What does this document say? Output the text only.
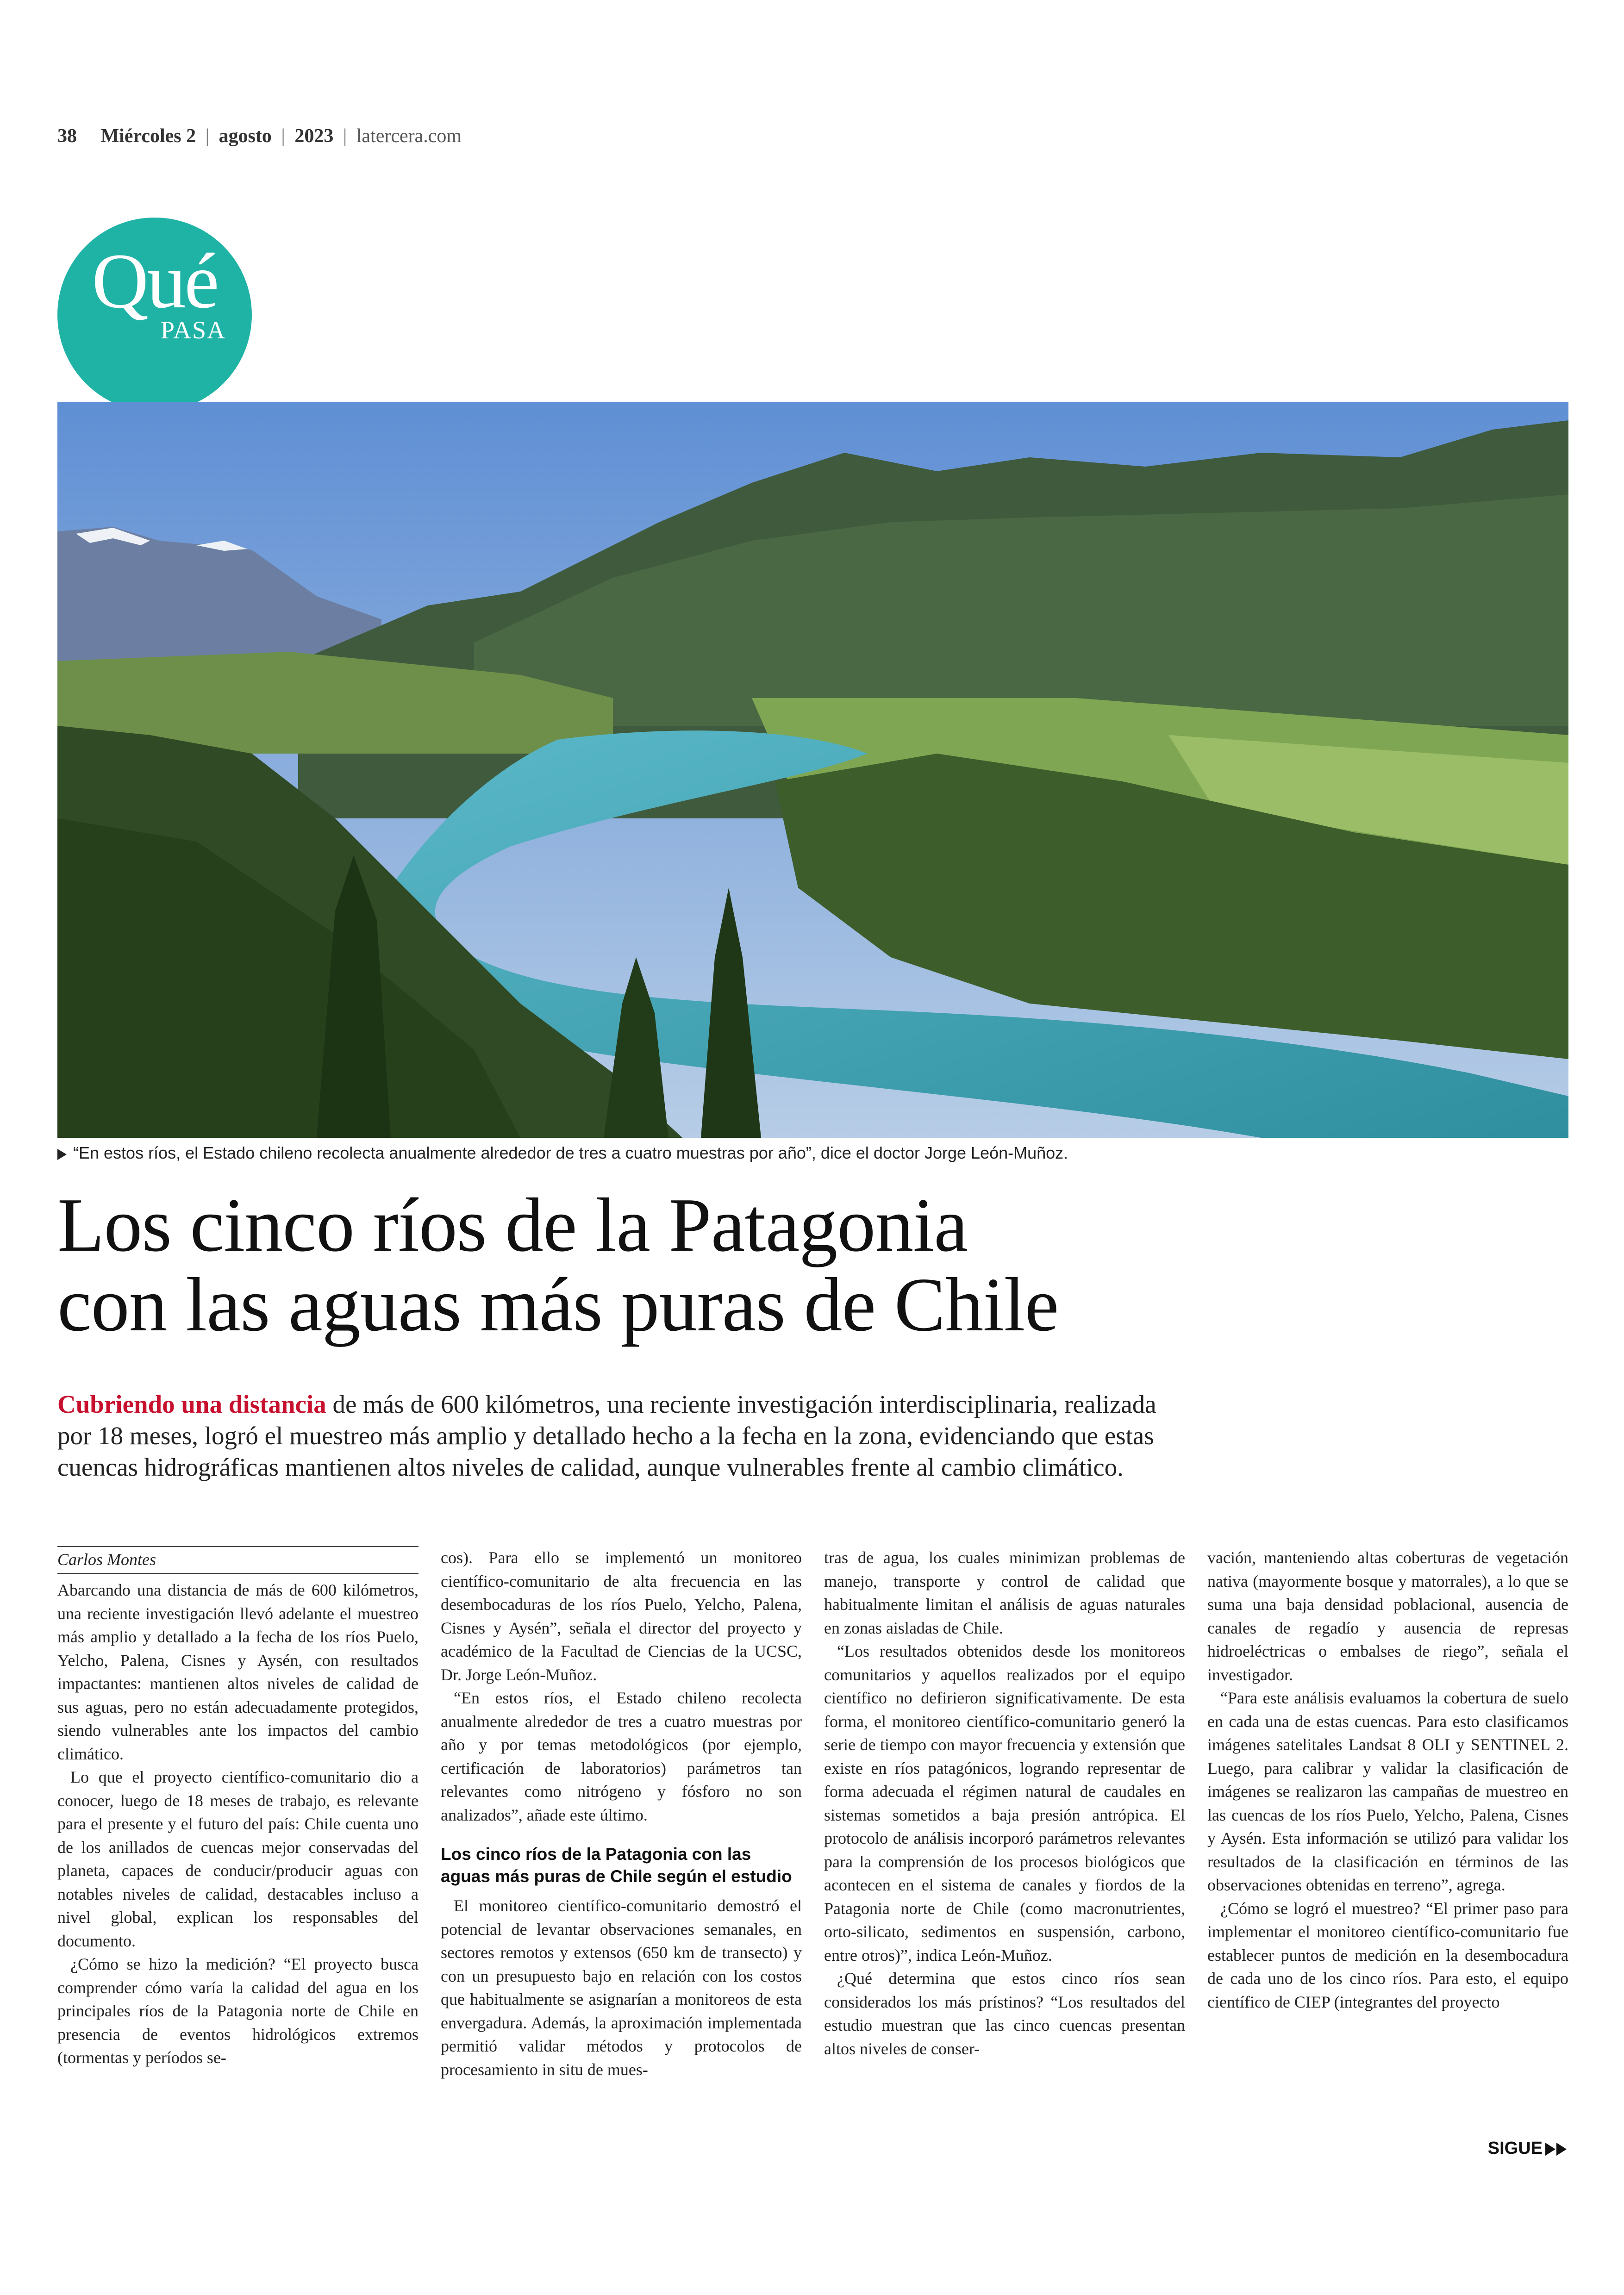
38 Miércoles 2 | agosto | 2023 | latercera.com
Qué
PASA
“En estos ríos, el Estado chileno recolecta anualmente alrededor de tres a cuatro muestras por año”, dice el doctor Jorge León-Muñoz.
Los cinco ríos de la Patagonia
con las aguas más puras de Chile
Cubriendo una distancia de más de 600 kilómetros, una reciente investigación interdisciplinaria, realizada
por 18 meses, logró el muestreo más amplio y detallado hecho a la fecha en la zona, evidenciando que estas
cuencas hidrográficas mantienen altos niveles de calidad, aunque vulnerables frente al cambio climático.
Carlos Montes

Abarcando una distancia de más de 600 kilómetros, una reciente investigación llevó adelante el muestreo más amplio y detallado a la fecha de los ríos Puelo, Yelcho, Palena, Cisnes y Aysén, con resultados impactantes: mantienen altos niveles de calidad de sus aguas, pero no están adecuadamente protegidos, siendo vulnerables ante los impactos del cambio climático.

Lo que el proyecto científico-comunitario dio a conocer, luego de 18 meses de trabajo, es relevante para el presente y el futuro del país: Chile cuenta uno de los anillados de cuencas mejor conservadas del planeta, capaces de conducir/producir aguas con notables niveles de calidad, destacables incluso a nivel global, explican los responsables del documento.

¿Cómo se hizo la medición? “El proyecto busca comprender cómo varía la calidad del agua en los principales ríos de la Patagonia norte de Chile en presencia de eventos hidrológicos extremos (tormentas y períodos se-

cos). Para ello se implementó un monitoreo científico-comunitario de alta frecuencia en las desembocaduras de los ríos Puelo, Yelcho, Palena, Cisnes y Aysén”, señala el director del proyecto y académico de la Facultad de Ciencias de la UCSC, Dr. Jorge León-Muñoz.

“En estos ríos, el Estado chileno recolecta anualmente alrededor de tres a cuatro muestras por año y por temas metodológicos (por ejemplo, certificación de laboratorios) parámetros tan relevantes como nitrógeno y fósforo no son analizados”, añade este último.

Los cinco ríos de la Patagonia con las aguas más puras de Chile según el estudio

El monitoreo científico-comunitario demostró el potencial de levantar observaciones semanales, en sectores remotos y extensos (650 km de transecto) y con un presupuesto bajo en relación con los costos que habitualmente se asignarían a monitoreos de esta envergadura. Además, la aproximación implementada permitió validar métodos y protocolos de procesamiento in situ de mues-

tras de agua, los cuales minimizan problemas de manejo, transporte y control de calidad que habitualmente limitan el análisis de aguas naturales en zonas aisladas de Chile.

“Los resultados obtenidos desde los monitoreos comunitarios y aquellos realizados por el equipo científico no defirieron significativamente. De esta forma, el monitoreo científico-comunitario generó la serie de tiempo con mayor frecuencia y extensión que existe en ríos patagónicos, logrando representar de forma adecuada el régimen natural de caudales en sistemas sometidos a baja presión antrópica. El protocolo de análisis incorporó parámetros relevantes para la comprensión de los procesos biológicos que acontecen en el sistema de canales y fiordos de la Patagonia norte de Chile (como macronutrientes, orto-silicato, sedimentos en suspensión, carbono, entre otros)”, indica León-Muñoz.

¿Qué determina que estos cinco ríos sean considerados los más prístinos? “Los resultados del estudio muestran que las cinco cuencas presentan altos niveles de conser-

vación, manteniendo altas coberturas de vegetación nativa (mayormente bosque y matorrales), a lo que se suma una baja densidad poblacional, ausencia de canales de regadío y ausencia de represas hidroeléctricas o embalses de riego”, señala el investigador.

“Para este análisis evaluamos la cobertura de suelo en cada una de estas cuencas. Para esto clasificamos imágenes satelitales Landsat 8 OLI y SENTINEL 2. Luego, para calibrar y validar la clasificación de imágenes se realizaron las campañas de muestreo en las cuencas de los ríos Puelo, Yelcho, Palena, Cisnes y Aysén. Esta información se utilizó para validar los resultados de la clasificación en términos de las observaciones obtenidas en terreno”, agrega.

¿Cómo se logró el muestreo? “El primer paso para implementar el monitoreo científico-comunitario fue establecer puntos de medición en la desembocadura de cada uno de los cinco ríos. Para esto, el equipo científico de CIEP (integrantes del proyecto

SIGUE
